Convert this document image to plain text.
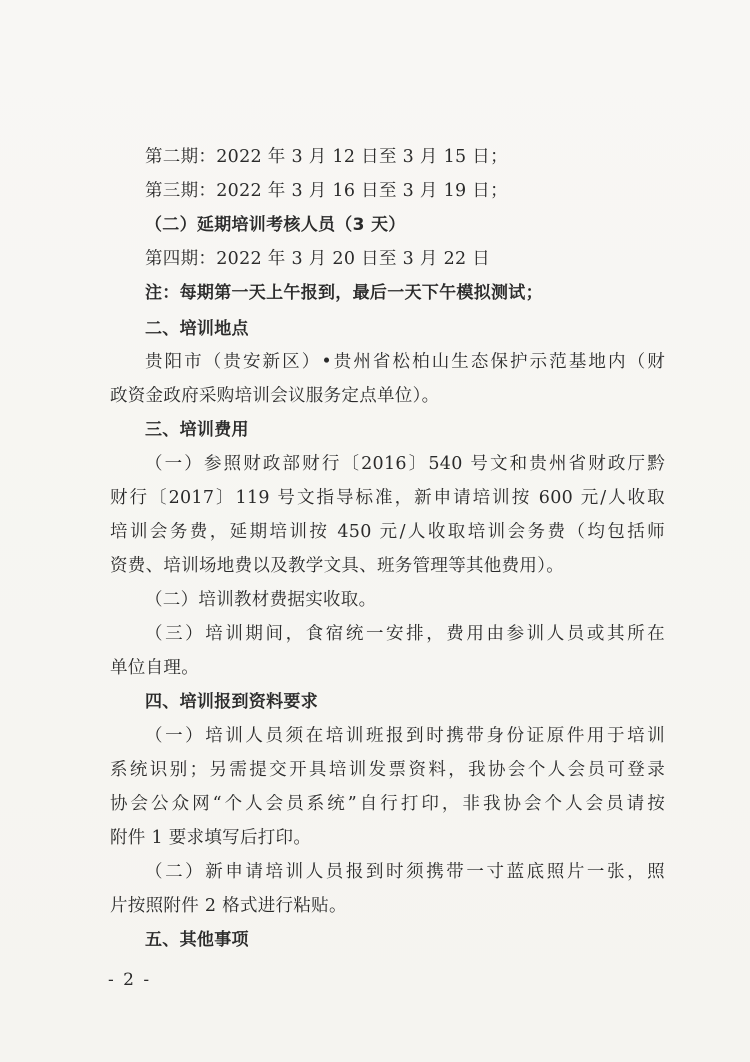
第二期：2022 年 3 月 12 日至 3 月 15 日；
第三期：2022 年 3 月 16 日至 3 月 19 日；
（二）延期培训考核人员（3 天）
第四期：2022 年 3 月 20 日至 3 月 22 日
注：每期第一天上午报到，最后一天下午模拟测试；
二、培训地点
贵阳市（贵安新区）•贵州省松柏山生态保护示范基地内（财
政资金政府采购培训会议服务定点单位）。
三、培训费用
（一）参照财政部财行〔2016〕540 号文和贵州省财政厅黔
财行〔2017〕119 号文指导标准，新申请培训按 600 元/人收取
培训会务费，延期培训按 450 元/人收取培训会务费（均包括师
资费、培训场地费以及教学文具、班务管理等其他费用）。
（二）培训教材费据实收取。
（三）培训期间，食宿统一安排，费用由参训人员或其所在
单位自理。
四、培训报到资料要求
（一）培训人员须在培训班报到时携带身份证原件用于培训
系统识别；另需提交开具培训发票资料，我协会个人会员可登录
协会公众网“个人会员系统”自行打印，非我协会个人会员请按
附件 1 要求填写后打印。
（二）新申请培训人员报到时须携带一寸蓝底照片一张，照
片按照附件 2 格式进行粘贴。
五、其他事项
- 2 -
